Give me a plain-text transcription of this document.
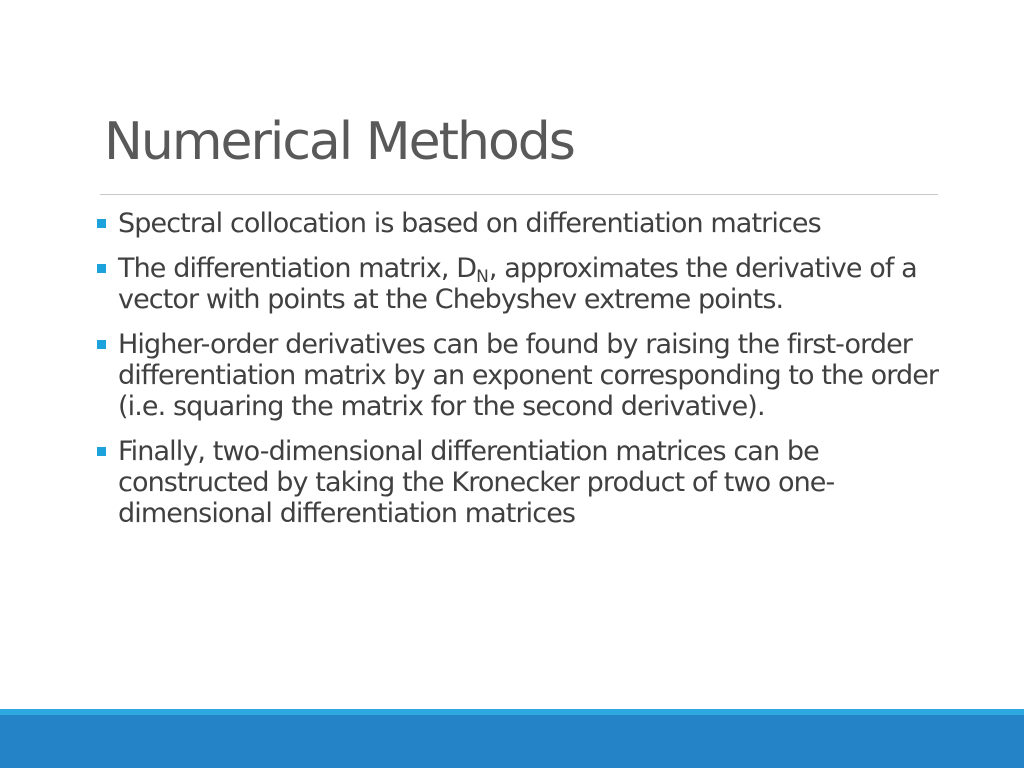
Numerical Methods
Spectral collocation is based on differentiation matrices
The differentiation matrix, $D_N$, approximates the derivative of a vector with points at the Chebyshev extreme points.
Higher-order derivatives can be found by raising the first-order differentiation matrix by an exponent corresponding to the order (i.e. squaring the matrix for the second derivative).
Finally, two-dimensional differentiation matrices can be constructed by taking the Kronecker product of two one-dimensional differentiation matrices
